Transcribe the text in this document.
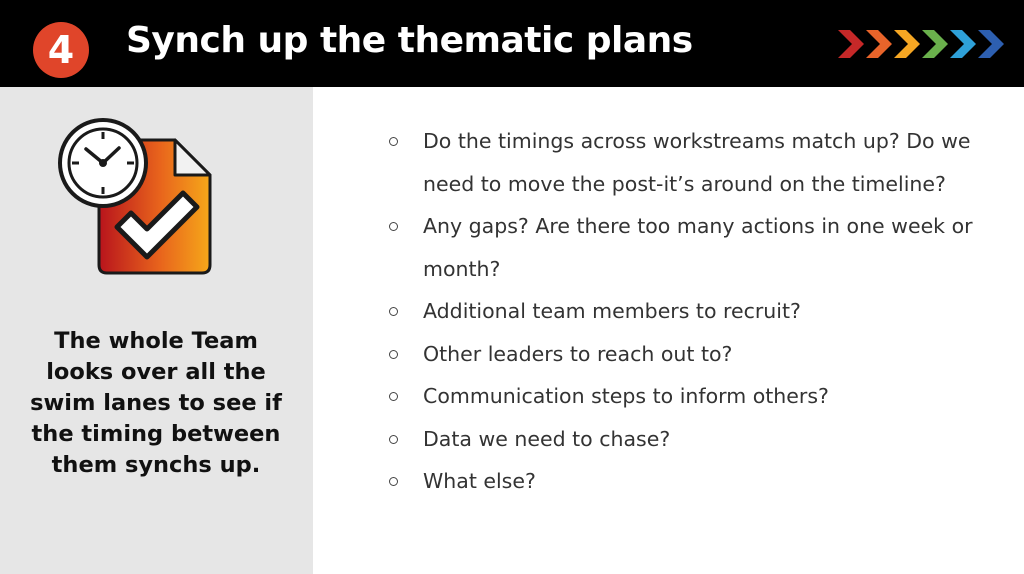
4	Synch up the thematic plans
The whole Team looks over all the swim lanes to see if the timing between them synchs up.
Do the timings across workstreams match up? Do we need to move the post-it’s around on the timeline?
Any gaps? Are there too many actions in one week or month?
Additional team members to recruit?
Other leaders to reach out to?
Communication steps to inform others?
Data we need to chase?
What else?
